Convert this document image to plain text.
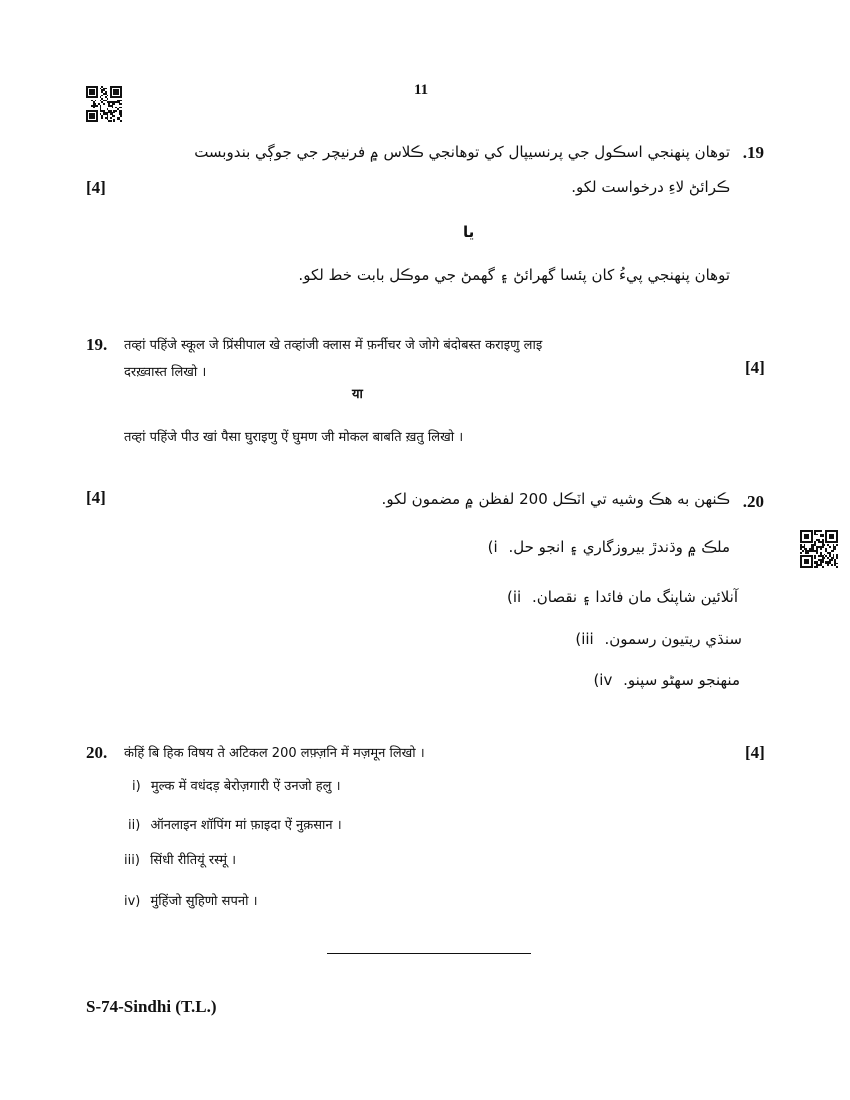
11
.19
توهان پنهنجي اسڪول جي پرنسيپال کي توهانجي ڪلاس ۾ فرنيچر جي جوڳي بندوبست
ڪرائڻ لاءِ درخواست لکو.
[4]
يا
توهان پنهنجي پيءُ کان پئسا گهرائڻ ۽ گهمڻ جي موڪل بابت خط لکو.
19. तव्हां पहिंजे स्कूल जे प्रिंसीपाल खे तव्हांजी क्लास में फ़र्नीचर जे जोगे बंदोबस्त कराइणु लाइ
दरख़्वास्त लिखो ।	[4]
या
तव्हां पहिंजे पीउ खां पैसा घुराइणु ऐं घुमण जी मोकल बाबति ख़तु लिखो ।
[4]	.20
ڪنهن به هڪ وشيه تي اٽڪل 200 لفظن ۾ مضمون لکو.
ملڪ ۾ وڌندڙ بيروزگاري ۽ انجو حل. i)
آنلائين شاپنگ مان فائدا ۽ نقصان. ii)
سنڌي ريتيون رسمون. iii)
منهنجو سهڻو سپنو. iv)
20. कंहिं बि हिक विषय ते अटिकल 200 लफ़्ज़नि में मज़मून लिखो ।	[4]
i) मुल्क में वधंदड़ बेरोज़गारी ऐं उनजो हलु ।
ii) ऑनलाइन शॉपिंग मां फ़ाइदा ऐं नुक़सान ।
iii) सिंधी रीतियूं रस्मूं ।
iv) मुंहिंजो सुहिणो सपनो ।
S-74-Sindhi (T.L.)
